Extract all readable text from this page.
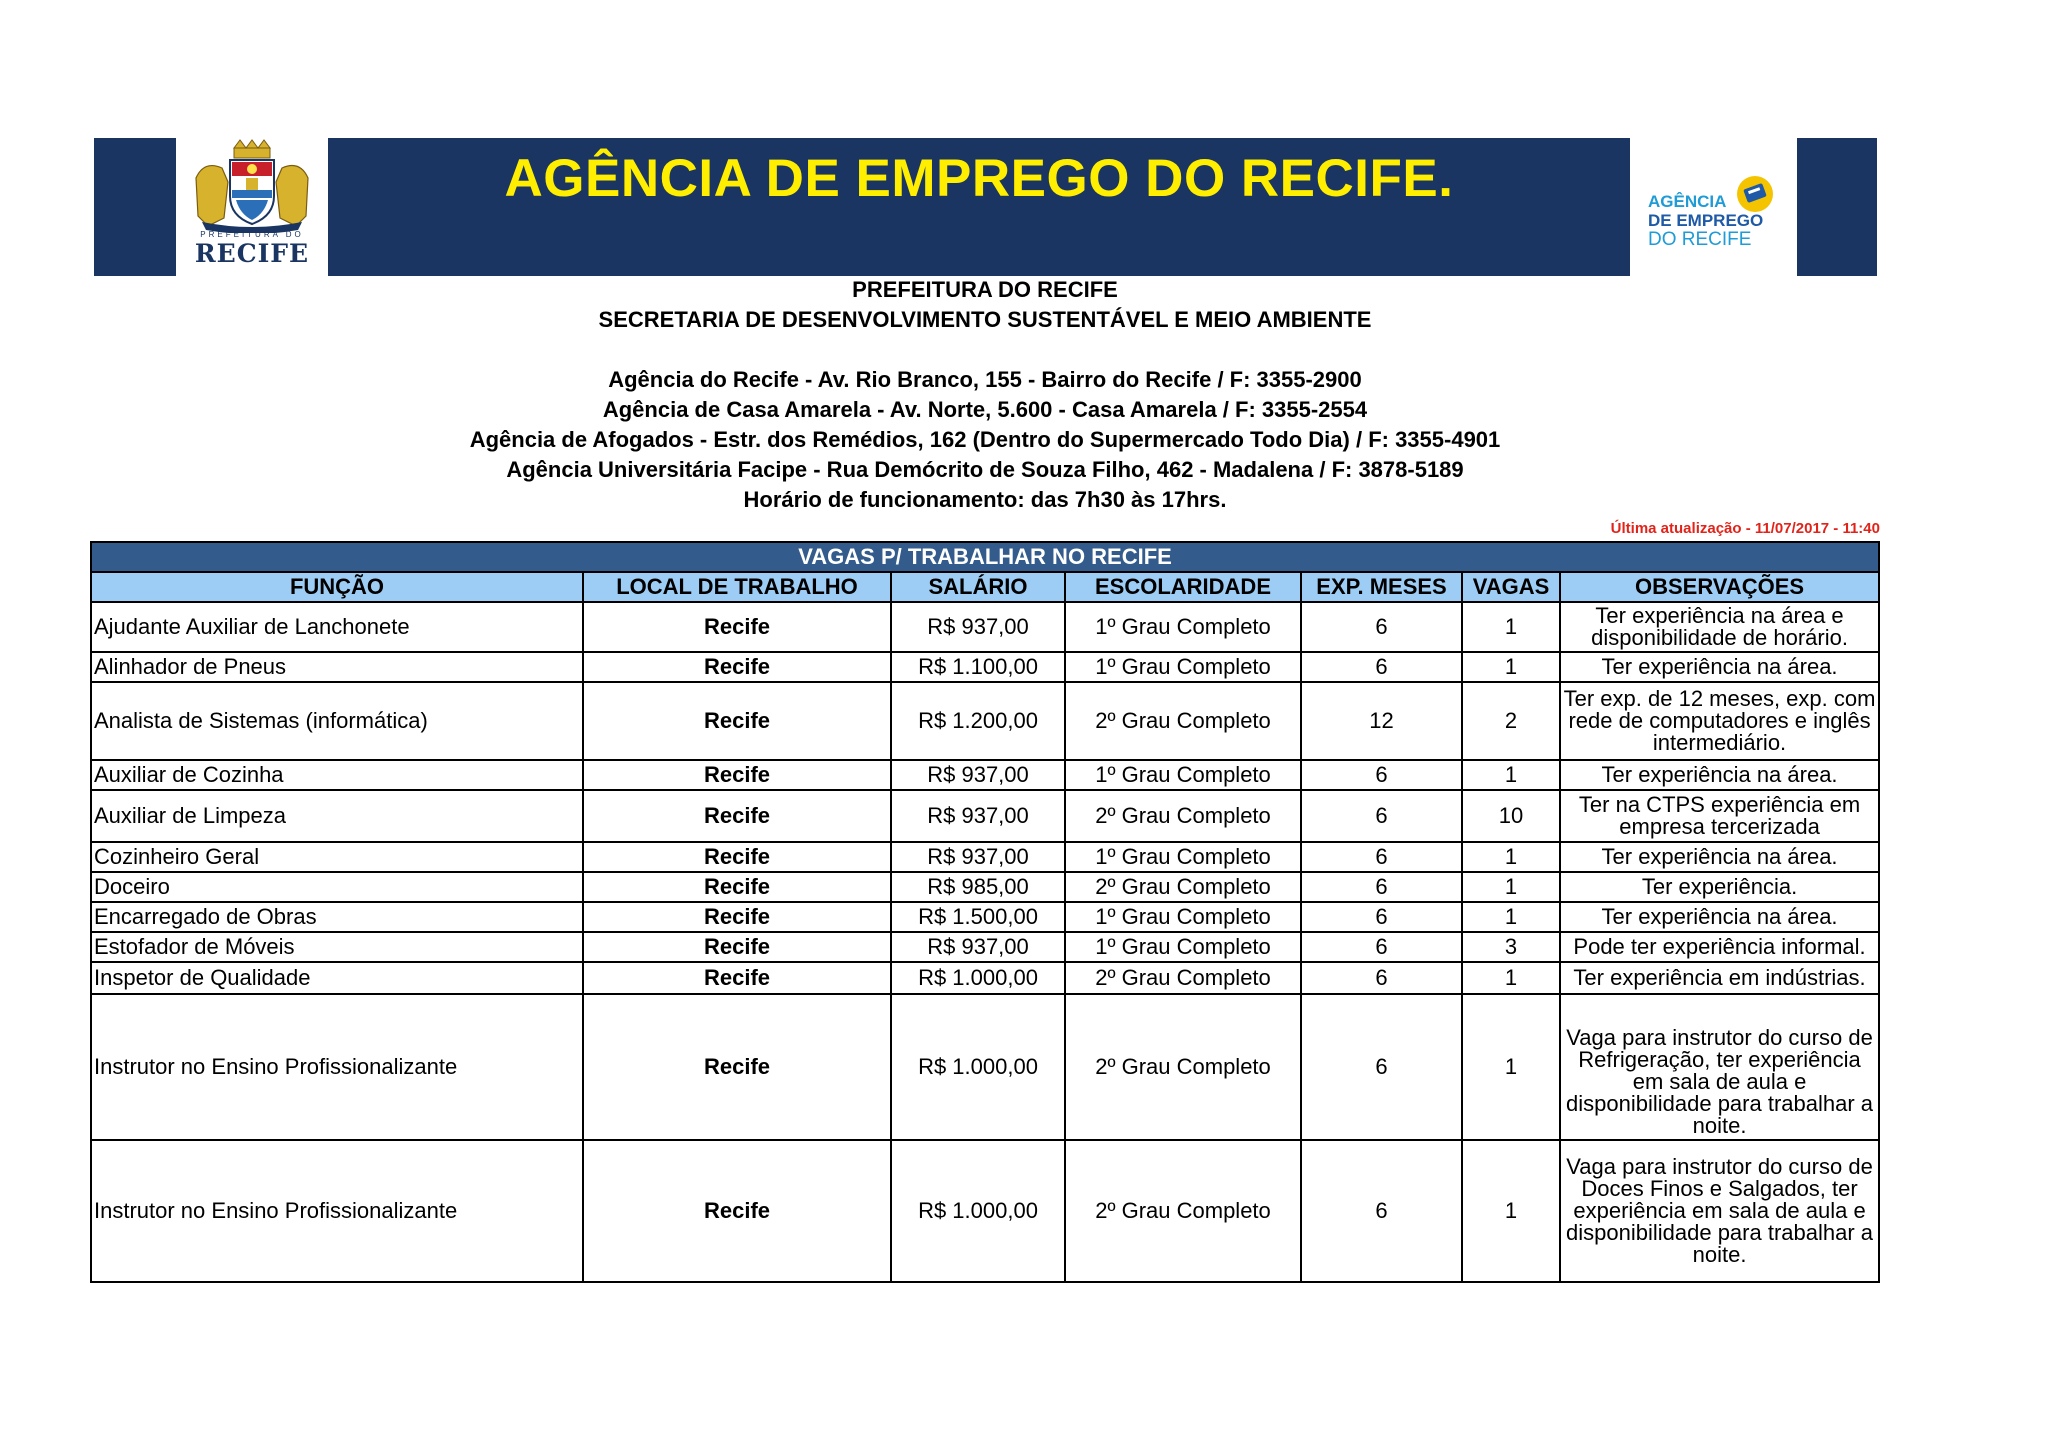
PREFEITURA DO
RECIFE
AGÊNCIA DE EMPREGO DO RECIFE.	AGÊNCIA
DE EMPREGO
DO RECIFE
PREFEITURA DO RECIFE
SECRETARIA DE DESENVOLVIMENTO SUSTENTÁVEL E MEIO AMBIENTE
Agência do Recife - Av. Rio Branco, 155 - Bairro do Recife / F: 3355-2900
Agência de Casa Amarela - Av. Norte, 5.600 - Casa Amarela / F: 3355-2554
Agência de Afogados - Estr. dos Remédios, 162 (Dentro do Supermercado Todo Dia) / F: 3355-4901
Agência Universitária Facipe - Rua Demócrito de Souza Filho, 462 - Madalena / F: 3878-5189
Horário de funcionamento: das 7h30 às 17hrs.
Última atualização - 11/07/2017 - 11:40
VAGAS P/ TRABALHAR NO RECIFE						
FUNÇÃO	LOCAL DE TRABALHO	SALÁRIO	ESCOLARIDADE	EXP. MESES	VAGAS	OBSERVAÇÕES
Ajudante Auxiliar de Lanchonete	Recife	R$ 937,00	1º Grau Completo	6	1	Ter experiência na área e disponibilidade de horário.
Alinhador de Pneus	Recife	R$ 1.100,00	1º Grau Completo	6	1	Ter experiência na área.
Analista de Sistemas (informática)	Recife	R$ 1.200,00	2º Grau Completo	12	2	Ter exp. de 12 meses, exp. com rede de computadores e inglês intermediário.
Auxiliar de Cozinha	Recife	R$ 937,00	1º Grau Completo	6	1	Ter experiência na área.
Auxiliar de Limpeza	Recife	R$ 937,00	2º Grau Completo	6	10	Ter na CTPS experiência em empresa tercerizada
Cozinheiro Geral	Recife	R$ 937,00	1º Grau Completo	6	1	Ter experiência na área.
Doceiro	Recife	R$ 985,00	2º Grau Completo	6	1	Ter experiência.
Encarregado de Obras	Recife	R$ 1.500,00	1º Grau Completo	6	1	Ter experiência na área.
Estofador de Móveis	Recife	R$ 937,00	1º Grau Completo	6	3	Pode ter experiência informal.
Inspetor de Qualidade	Recife	R$ 1.000,00	2º Grau Completo	6	1	Ter experiência em indústrias.
Instrutor no Ensino Profissionalizante	Recife	R$ 1.000,00	2º Grau Completo	6	1	Vaga para instrutor do curso de Refrigeração, ter experiência em sala de aula e disponibilidade para trabalhar a noite.
Instrutor no Ensino Profissionalizante	Recife	R$ 1.000,00	2º Grau Completo	6	1	Vaga para instrutor do curso de Doces Finos e Salgados, ter experiência em sala de aula e disponibilidade para trabalhar a noite.
